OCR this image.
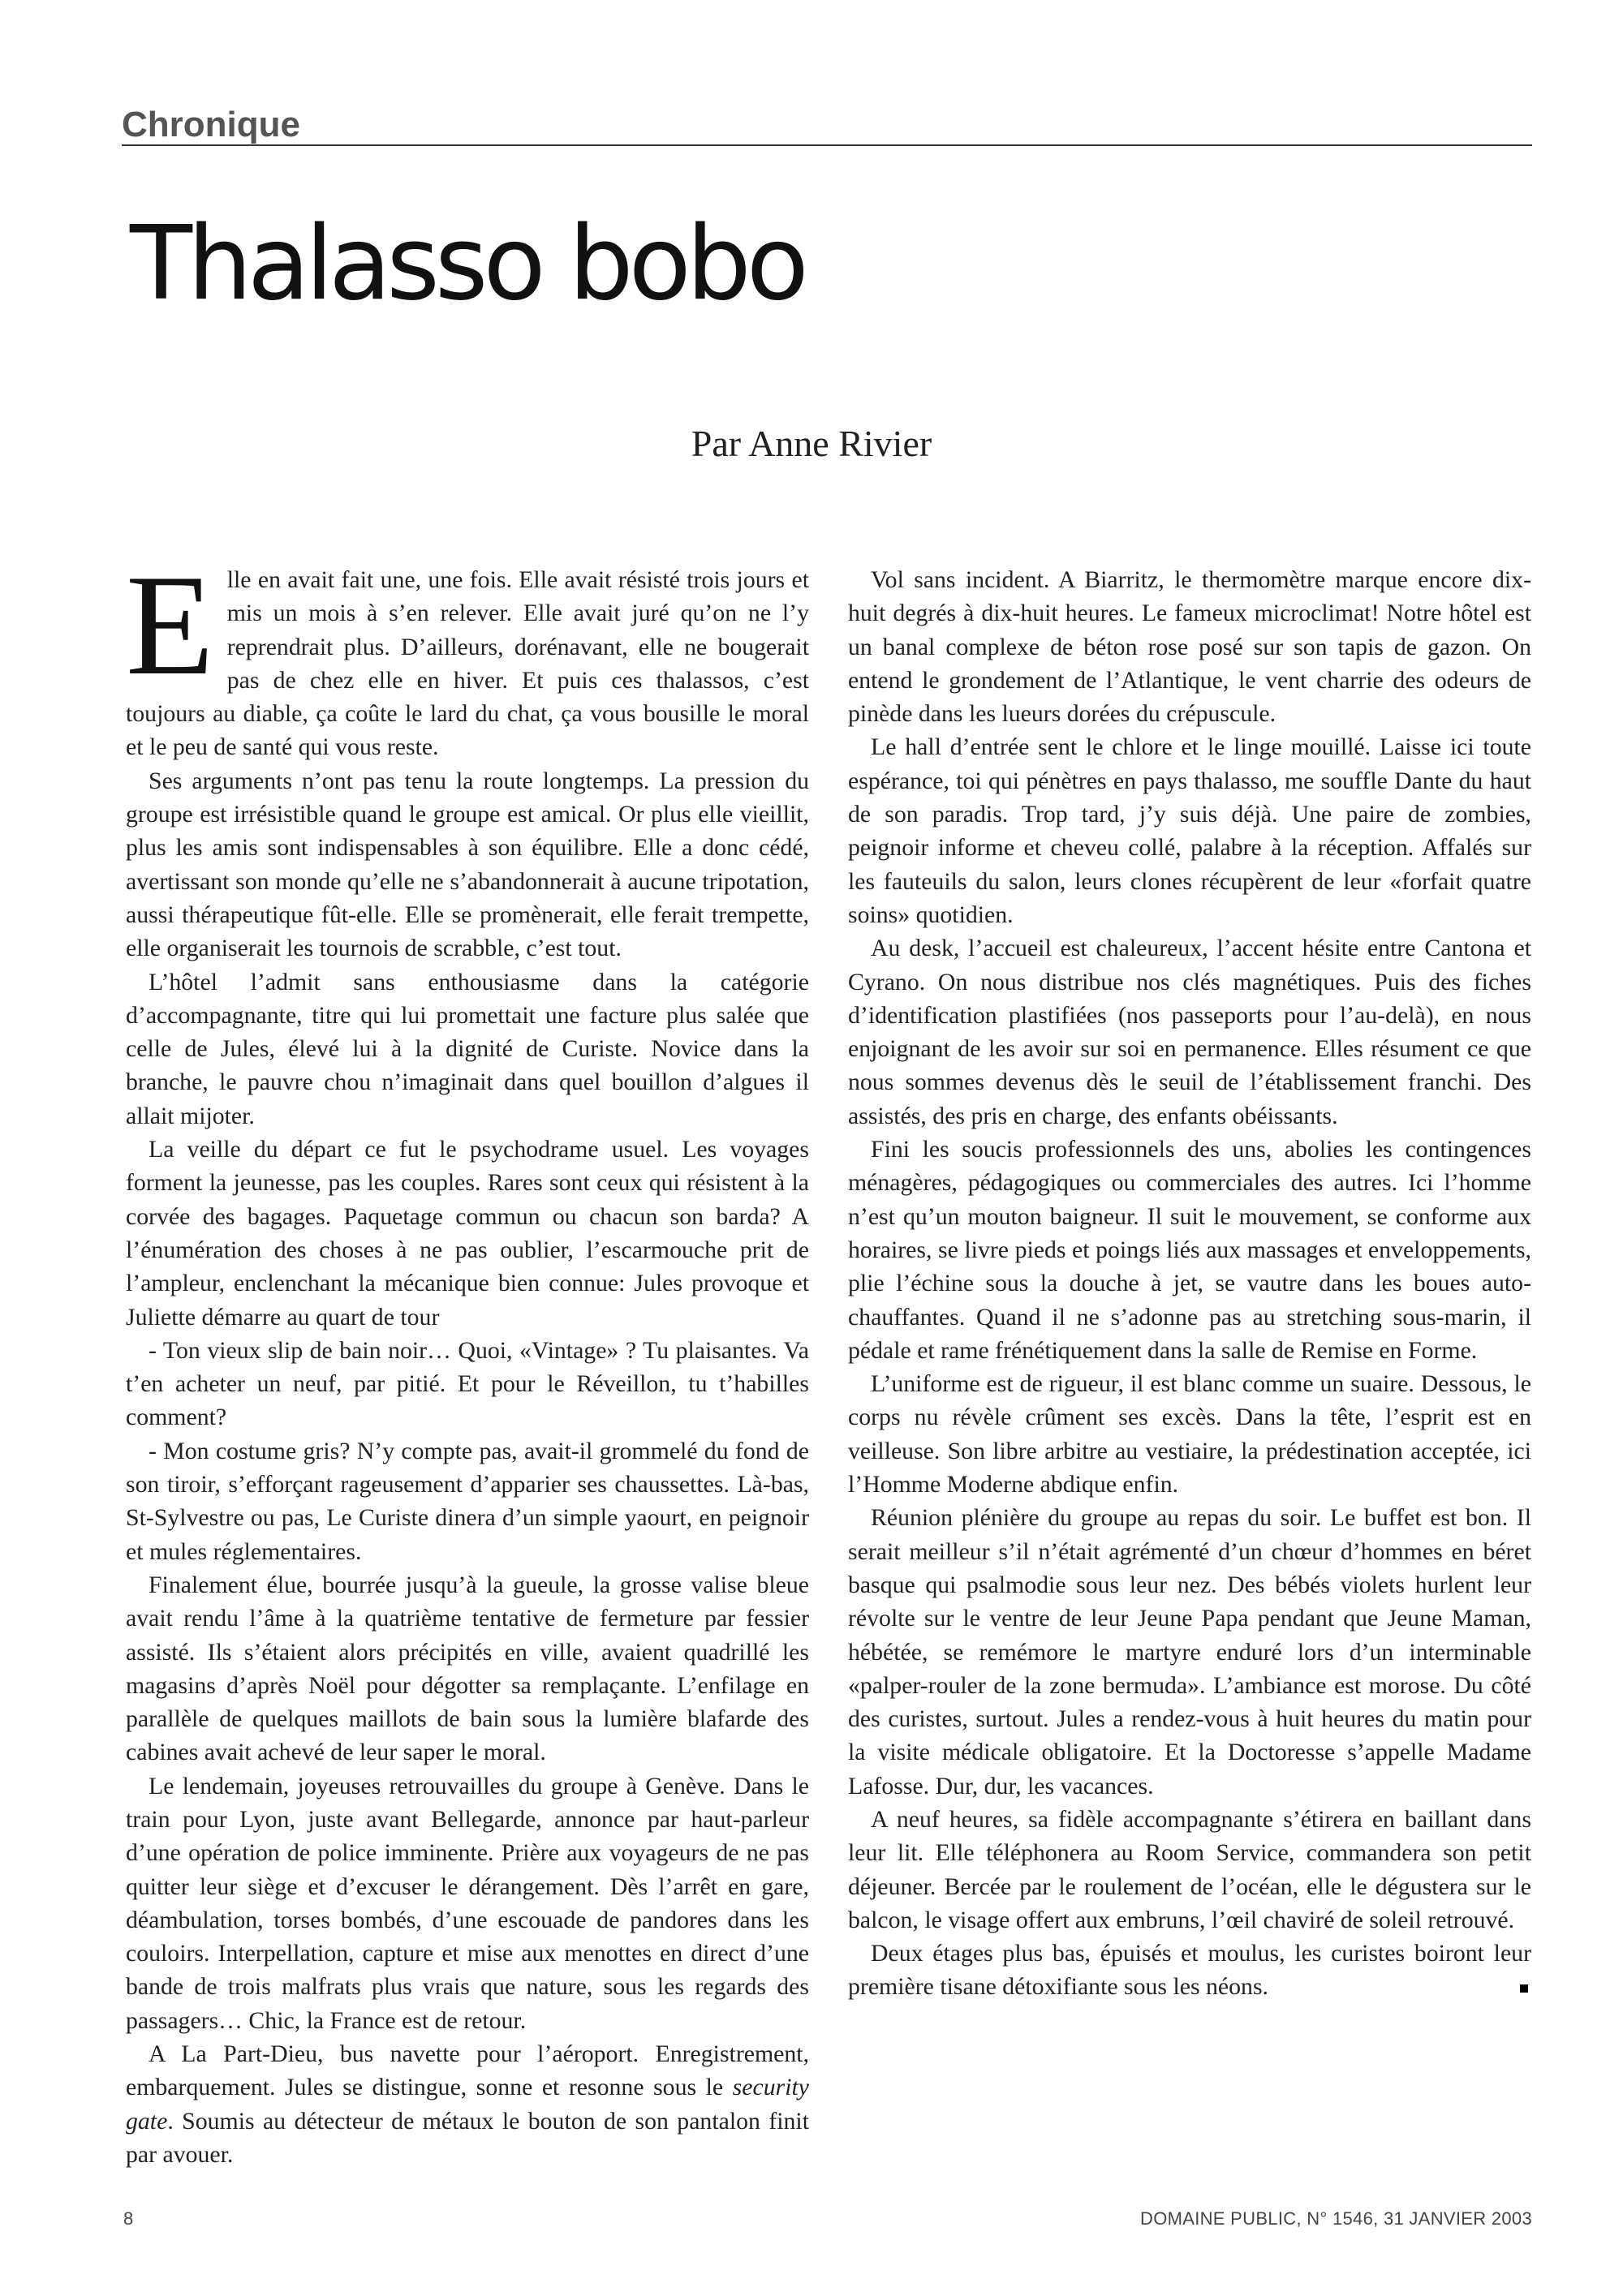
Chronique
Thalasso bobo
Par Anne Rivier

Elle en avait fait une, une fois. Elle avait résisté trois jours et mis un mois à s’en relever. Elle avait juré qu’on ne l’y reprendrait plus. D’ailleurs, dorénavant, elle ne bougerait pas de chez elle en hiver. Et puis ces thalassos, c’est toujours au diable, ça coûte le lard du chat, ça vous bousille le moral et le peu de santé qui vous reste.

Ses arguments n’ont pas tenu la route longtemps. La pression du groupe est irrésistible quand le groupe est amical. Or plus elle vieillit, plus les amis sont indispensables à son équilibre. Elle a donc cédé, avertissant son monde qu’elle ne s’abandonnerait à aucune tripotation, aussi thérapeutique fût-elle. Elle se promènerait, elle ferait trempette, elle organiserait les tournois de scrabble, c’est tout.

L’hôtel l’admit sans enthousiasme dans la catégorie d’accompagnante, titre qui lui promettait une facture plus salée que celle de Jules, élevé lui à la dignité de Curiste. Novice dans la branche, le pauvre chou n’imaginait dans quel bouillon d’algues il allait mijoter.

La veille du départ ce fut le psychodrame usuel. Les voyages forment la jeunesse, pas les couples. Rares sont ceux qui résistent à la corvée des bagages. Paquetage commun ou chacun son barda? A l’énumération des choses à ne pas oublier, l’escarmouche prit de l’ampleur, enclenchant la mécanique bien connue: Jules provoque et Juliette démarre au quart de tour

- Ton vieux slip de bain noir… Quoi, «Vintage» ? Tu plaisantes. Va t’en acheter un neuf, par pitié. Et pour le Réveillon, tu t’habilles comment?

- Mon costume gris? N’y compte pas, avait-il grommelé du fond de son tiroir, s’efforçant rageusement d’apparier ses chaussettes. Là-bas, St-Sylvestre ou pas, Le Curiste dinera d’un simple yaourt, en peignoir et mules réglementaires.

Finalement élue, bourrée jusqu’à la gueule, la grosse valise bleue avait rendu l’âme à la quatrième tentative de fermeture par fessier assisté. Ils s’étaient alors précipités en ville, avaient quadrillé les magasins d’après Noël pour dégotter sa remplaçante. L’enfilage en parallèle de quelques maillots de bain sous la lumière blafarde des cabines avait achevé de leur saper le moral.

Le lendemain, joyeuses retrouvailles du groupe à Genève. Dans le train pour Lyon, juste avant Bellegarde, annonce par haut-parleur d’une opération de police imminente. Prière aux voyageurs de ne pas quitter leur siège et d’excuser le dérangement. Dès l’arrêt en gare, déambulation, torses bombés, d’une escouade de pandores dans les couloirs. Interpellation, capture et mise aux menottes en direct d’une bande de trois malfrats plus vrais que nature, sous les regards des passagers… Chic, la France est de retour.

A La Part-Dieu, bus navette pour l’aéroport. Enregistrement, embarquement. Jules se distingue, sonne et resonne sous le security gate. Soumis au détecteur de métaux le bouton de son pantalon finit par avouer.

Vol sans incident. A Biarritz, le thermomètre marque encore dix-huit degrés à dix-huit heures. Le fameux microclimat! Notre hôtel est un banal complexe de béton rose posé sur son tapis de gazon. On entend le grondement de l’Atlantique, le vent charrie des odeurs de pinède dans les lueurs dorées du crépuscule.

Le hall d’entrée sent le chlore et le linge mouillé. Laisse ici toute espérance, toi qui pénètres en pays thalasso, me souffle Dante du haut de son paradis. Trop tard, j’y suis déjà. Une paire de zombies, peignoir informe et cheveu collé, palabre à la réception. Affalés sur les fauteuils du salon, leurs clones récupèrent de leur «forfait quatre soins» quotidien.

Au desk, l’accueil est chaleureux, l’accent hésite entre Cantona et Cyrano. On nous distribue nos clés magnétiques. Puis des fiches d’identification plastifiées (nos passeports pour l’au-delà), en nous enjoignant de les avoir sur soi en permanence. Elles résument ce que nous sommes devenus dès le seuil de l’établissement franchi. Des assistés, des pris en charge, des enfants obéissants.

Fini les soucis professionnels des uns, abolies les contingences ménagères, pédagogiques ou commerciales des autres. Ici l’homme n’est qu’un mouton baigneur. Il suit le mouvement, se conforme aux horaires, se livre pieds et poings liés aux massages et enveloppements, plie l’échine sous la douche à jet, se vautre dans les boues auto-chauffantes. Quand il ne s’adonne pas au stretching sous-marin, il pédale et rame frénétiquement dans la salle de Remise en Forme.

L’uniforme est de rigueur, il est blanc comme un suaire. Dessous, le corps nu révèle crûment ses excès. Dans la tête, l’esprit est en veilleuse. Son libre arbitre au vestiaire, la prédestination acceptée, ici l’Homme Moderne abdique enfin.

Réunion plénière du groupe au repas du soir. Le buffet est bon. Il serait meilleur s’il n’était agrémenté d’un chœur d’hommes en béret basque qui psalmodie sous leur nez. Des bébés violets hurlent leur révolte sur le ventre de leur Jeune Papa pendant que Jeune Maman, hébétée, se remémore le martyre enduré lors d’un interminable «palper-rouler de la zone bermuda». L’ambiance est morose. Du côté des curistes, surtout. Jules a rendez-vous à huit heures du matin pour la visite médicale obligatoire. Et la Doctoresse s’appelle Madame Lafosse. Dur, dur, les vacances.

A neuf heures, sa fidèle accompagnante s’étirera en baillant dans leur lit. Elle téléphonera au Room Service, commandera son petit déjeuner. Bercée par le roulement de l’océan, elle le dégustera sur le balcon, le visage offert aux embruns, l’œil chaviré de soleil retrouvé.

Deux étages plus bas, épuisés et moulus, les curistes boiront leur première tisane détoxifiante sous les néons.

8	DOMAINE PUBLIC, N° 1546, 31 JANVIER 2003
